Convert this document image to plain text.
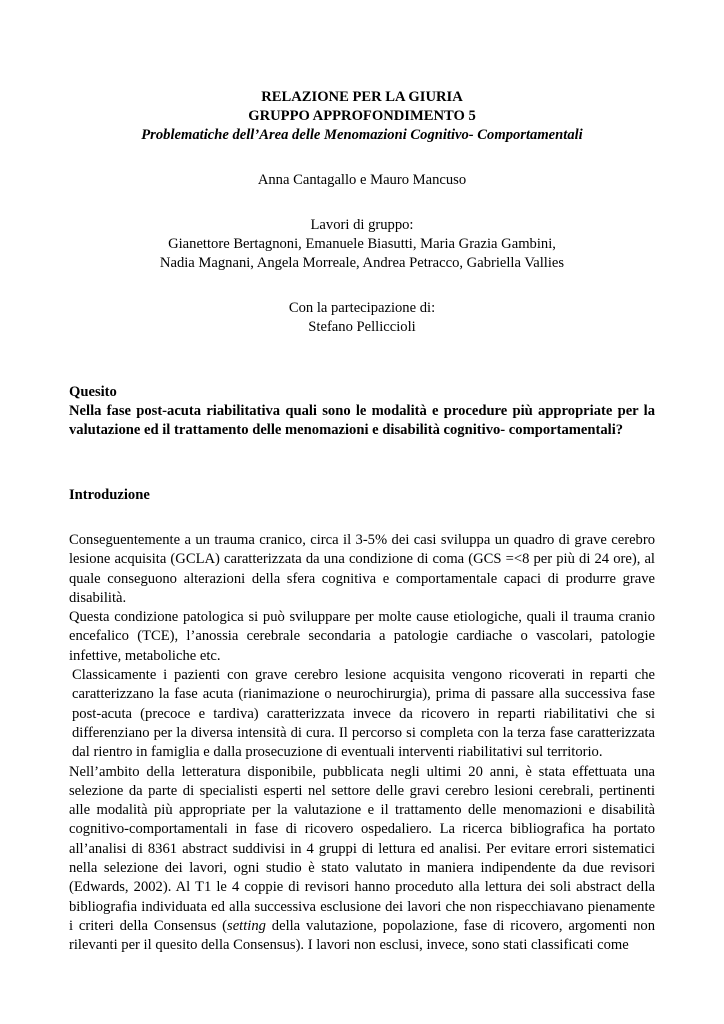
RELAZIONE PER LA GIURIA

GRUPPO APPROFONDIMENTO 5

Problematiche dell’Area delle Menomazioni Cognitivo- Comportamentali

Anna Cantagallo e Mauro Mancuso

Lavori di gruppo:

Gianettore Bertagnoni, Emanuele Biasutti, Maria Grazia Gambini,

Nadia Magnani, Angela Morreale, Andrea Petracco, Gabriella Vallies

Con la partecipazione di:

Stefano Pelliccioli

Quesito

Nella fase post-acuta riabilitativa quali sono le modalità e procedure più appropriate per la valutazione ed il trattamento delle menomazioni e disabilità cognitivo- comportamentali?

Introduzione

Conseguentemente a un trauma cranico, circa il 3-5% dei casi sviluppa un quadro di grave cerebro lesione acquisita (GCLA) caratterizzata da una condizione di coma (GCS =<8 per più di 24 ore), al quale conseguono alterazioni della sfera cognitiva e comportamentale capaci di produrre grave disabilità.

Questa condizione patologica si può sviluppare per molte cause etiologiche, quali il trauma cranio encefalico (TCE), l’anossia cerebrale secondaria a patologie cardiache o vascolari, patologie infettive, metaboliche etc.

Classicamente i pazienti con grave cerebro lesione acquisita vengono ricoverati in reparti che caratterizzano la fase acuta (rianimazione o neurochirurgia), prima di passare alla successiva fase post-acuta (precoce e tardiva) caratterizzata invece da ricovero in reparti riabilitativi che si differenziano per la diversa intensità di cura. Il percorso si completa con la terza fase caratterizzata dal rientro in famiglia e dalla prosecuzione di eventuali interventi riabilitativi sul territorio.

Nell’ambito della letteratura disponibile, pubblicata negli ultimi 20 anni, è stata effettuata una selezione da parte di specialisti esperti nel settore delle gravi cerebro lesioni cerebrali, pertinenti alle modalità più appropriate per la valutazione e il trattamento delle menomazioni e disabilità cognitivo-comportamentali in fase di ricovero ospedaliero. La ricerca bibliografica ha portato all’analisi di 8361 abstract suddivisi in 4 gruppi di lettura ed analisi. Per evitare errori sistematici nella selezione dei lavori, ogni studio è stato valutato in maniera indipendente da due revisori (Edwards, 2002). Al T1 le 4 coppie di revisori hanno proceduto alla lettura dei soli abstract della bibliografia individuata ed alla successiva esclusione dei lavori che non rispecchiavano pienamente i criteri della Consensus (setting della valutazione, popolazione, fase di ricovero, argomenti non rilevanti per il quesito della Consensus). I lavori non esclusi, invece, sono stati classificati come
